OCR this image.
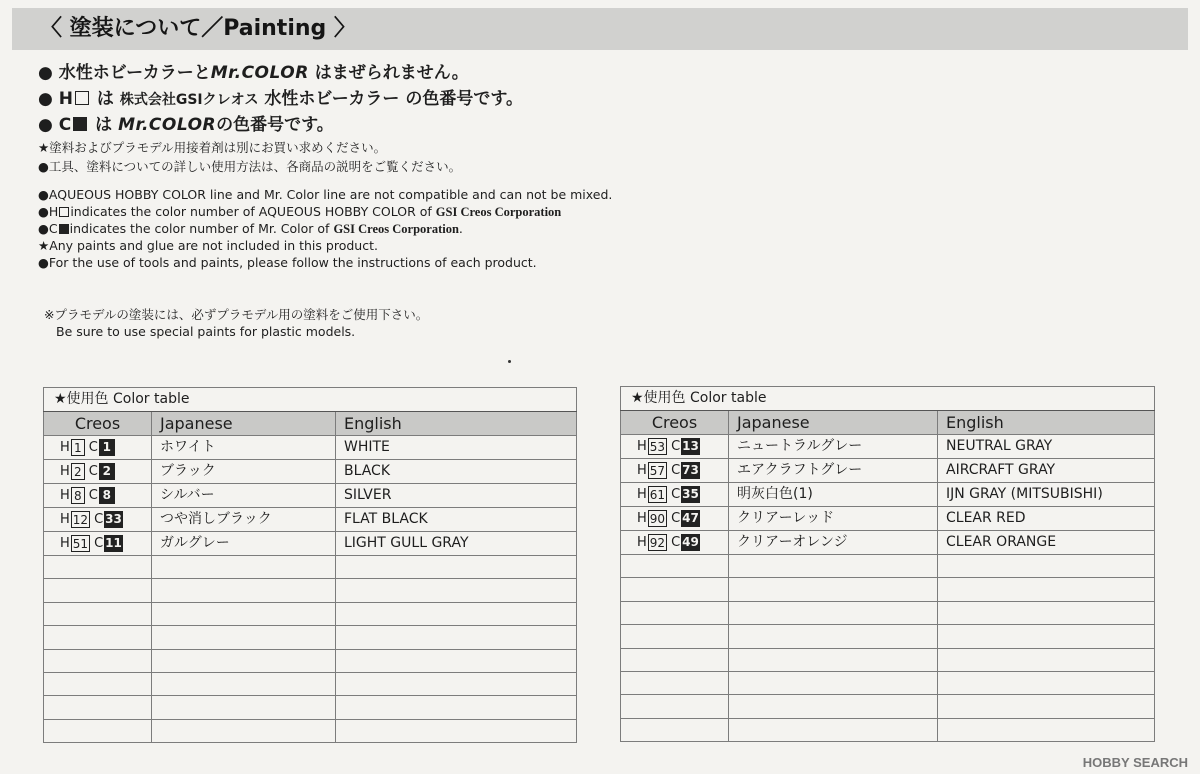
〈 塗装について／Painting 〉
● 水性ホビーカラーとMr.COLOR はまぜられません。
● H は 株式会社GSIクレオス 水性ホビーカラー の色番号です。
● C は Mr.COLORの色番号です。
★塗料およびプラモデル用接着剤は別にお買い求めください。
●工具、塗料についての詳しい使用方法は、各商品の説明をご覧ください。
●AQUEOUS HOBBY COLOR line and Mr. Color line are not compatible and can not be mixed.
●H indicates the color number of AQUEOUS HOBBY COLOR of GSI Creos Corporation
●C indicates the color number of Mr. Color of GSI Creos Corporation.
★Any paints and glue are not included in this product.
●For the use of tools and paints, please follow the instructions of each product.
※プラモデルの塗装には、必ずプラモデル用の塗料をご使用下さい。
Be sure to use special paints for plastic models.
★使用色 Color table		
Creos	Japanese	English
H 1 C 1	ホワイト	WHITE
H 2 C 2	ブラック	BLACK
H 8 C 8	シルバー	SILVER
H 12 C 33	つや消しブラック	FLAT BLACK
H 51 C 11	ガルグレー	LIGHT GULL GRAY

★使用色 Color table		
Creos	Japanese	English
H 53 C 13	ニュートラルグレー	NEUTRAL GRAY
H 57 C 73	エアクラフトグレー	AIRCRAFT GRAY
H 61 C 35	明灰白色(1)	IJN GRAY (MITSUBISHI)
H 90 C 47	クリアーレッド	CLEAR RED
H 92 C 49	クリアーオレンジ	CLEAR ORANGE

HOBBY SEARCH
